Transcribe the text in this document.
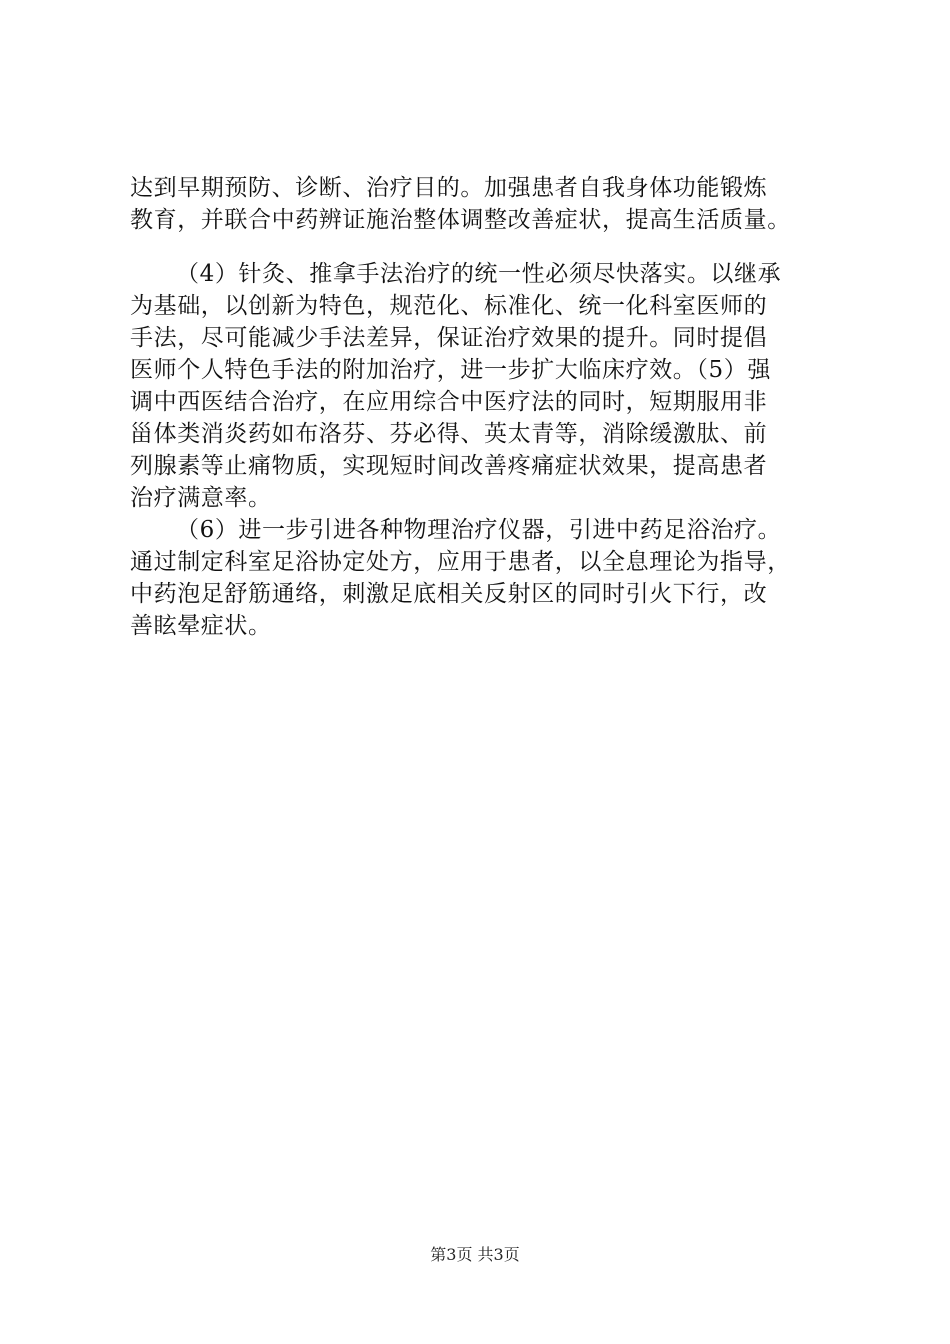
达到早期预防、诊断、治疗目的。加强患者自我身体功能锻炼
教育，并联合中药辨证施治整体调整改善症状，提高生活质量。

（4）针灸、推拿手法治疗的统一性必须尽快落实。以继承
为基础，以创新为特色，规范化、标准化、统一化科室医师的
手法，尽可能减少手法差异，保证治疗效果的提升。同时提倡
医师个人特色手法的附加治疗，进一步扩大临床疗效。（5）强
调中西医结合治疗，在应用综合中医疗法的同时，短期服用非
甾体类消炎药如布洛芬、芬必得、英太青等，消除缓激肽、前
列腺素等止痛物质，实现短时间改善疼痛症状效果，提高患者
治疗满意率。

（6）进一步引进各种物理治疗仪器，引进中药足浴治疗。
通过制定科室足浴协定处方，应用于患者，以全息理论为指导，
中药泡足舒筋通络，刺激足底相关反射区的同时引火下行，改
善眩晕症状。

第3页 共3页
